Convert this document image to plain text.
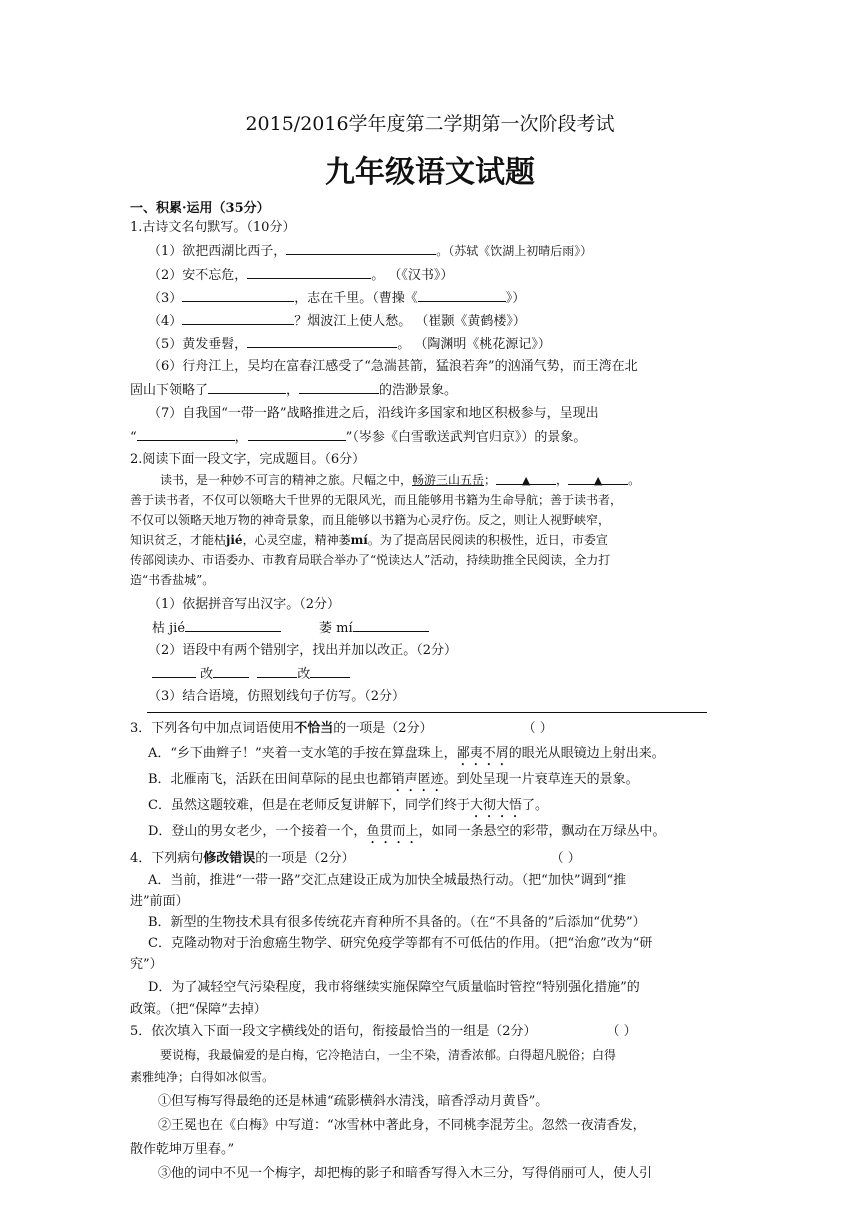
2015/2016学年度第二学期第一次阶段考试
九年级语文试题
一、积累·运用（35分）
1.古诗文名句默写。（10分）
（1）欲把西湖比西子，	。（苏轼《饮湖上初晴后雨》）
（2）安不忘危，	。 （《汉书》）
（3）	，志在千里。（曹操《	》）
（4）	？烟波江上使人愁。 （崔颢《黄鹤楼》）
（5）黄发垂髫，	。 （陶渊明《桃花源记》）
（6）行舟江上，吴均在富春江感受了“急湍甚箭，猛浪若奔”的汹涌气势，而王湾在北
固山下领略了	，	的浩渺景象。
（7）自我国“一带一路”战略推进之后，沿线许多国家和地区积极参与，呈现出
“	，	”（岑参《白雪歌送武判官归京》）的景象。
2.阅读下面一段文字，完成题目。（6分）
读书，是一种妙不可言的精神之旅。尺幅之中，畅游三山五岳； ▲ ， ▲ 。
善于读书者，不仅可以领略大千世界的无限风光，而且能够用书籍为生命导航；善于读书者，
不仅可以领略天地万物的神奇景象，而且能够以书籍为心灵疗伤。反之，则让人视野峡窄，
知识贫乏，才能枯jié，心灵空虚，精神萎mí。为了提高居民阅读的积极性，近日，市委宣
传部阅读办、市语委办、市教育局联合举办了“悦读达人”活动，持续助推全民阅读，全力打
造“书香盐城”。
（1）依据拼音写出汉字。（2分）
枯 jié	萎 mí
（2）语段中有两个错别字，找出并加以改正。（2分）
改	改
（3）结合语境，仿照划线句子仿写。（2分）
3．下列各句中加点词语使用不恰当的一项是（2分）	（ ）
A．“乡下曲辫子！”夹着一支水笔的手按在算盘珠上，鄙夷不屑的眼光从眼镜边上射出来。
B．北雁南飞，活跃在田间草际的昆虫也都销声匿迹。到处呈现一片衰草连天的景象。
C．虽然这题较难，但是在老师反复讲解下，同学们终于大彻大悟了。
D．登山的男女老少，一个接着一个，鱼贯而上，如同一条悬空的彩带，飘动在万绿丛中。
4．下列病句修改错误的一项是（2分）	（ ）
A．当前，推进“一带一路”交汇点建设正成为加快全城最热行动。（把“加快”调到“推
进”前面）
B．新型的生物技术具有很多传统花卉育种所不具备的。（在“不具备的”后添加“优势”）
C．克隆动物对于治愈癌生物学、研究免疫学等都有不可低估的作用。（把“治愈”改为“研
究”）
D．为了减轻空气污染程度，我市将继续实施保障空气质量临时管控“特别强化措施”的
政策。（把“保障”去掉）
5．依次填入下面一段文字横线处的语句，衔接最恰当的一组是（2分）	（ ）
要说梅，我最偏爱的是白梅，它冷艳洁白，一尘不染，清香浓郁。白得超凡脱俗；白得
素雅纯净；白得如冰似雪。
①但写梅写得最绝的还是林逋“疏影横斜水清浅，暗香浮动月黄昏”。
②王冕也在《白梅》中写道：“冰雪林中著此身，不同桃李混芳尘。忽然一夜清香发，
散作乾坤万里春。”
③他的词中不见一个梅字，却把梅的影子和暗香写得入木三分，写得俏丽可人，使人引
